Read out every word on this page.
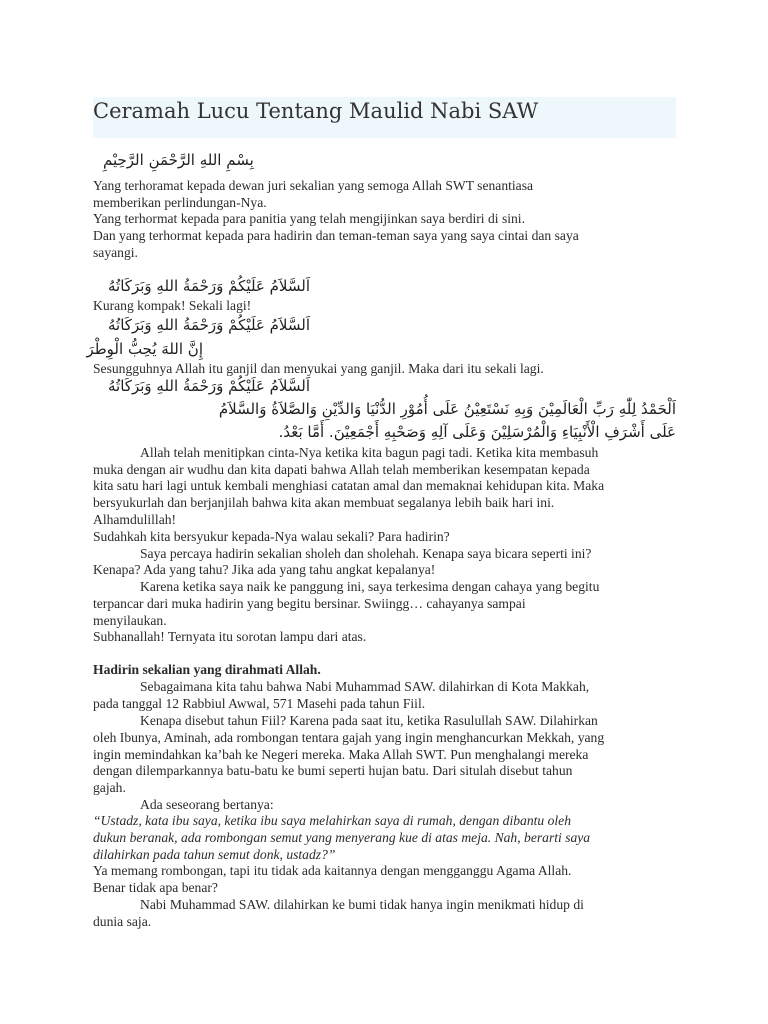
Ceramah Lucu Tentang Maulid Nabi SAW

بِسْمِ اللهِ الرَّحْمَنِ الرَّحِيْمِ

Yang terhoramat kepada dewan juri sekalian yang semoga Allah SWT senantiasa

memberikan perlindungan-Nya.

Yang terhormat kepada para panitia yang telah mengijinkan saya berdiri di sini.

Dan yang terhormat kepada para hadirin dan teman-teman saya yang saya cintai dan saya

sayangi.

اَلسَّلاَمُ عَلَيْكُمْ وَرَحْمَةُ اللهِ وَبَرَكَاتُهُ

Kurang kompak! Sekali lagi!

اَلسَّلاَمُ عَلَيْكُمْ وَرَحْمَةُ اللهِ وَبَرَكَاتُهُ

إِنَّ اللهَ يُحِبُّ الْوِطْرَ

Sesungguhnya Allah itu ganjil dan menyukai yang ganjil. Maka dari itu sekali lagi.

اَلسَّلاَمُ عَلَيْكُمْ وَرَحْمَةُ اللهِ وَبَرَكَاتُهُ

اَلْحَمْدُ لِلّٰهِ رَبِّ الْعَالَمِيْنَ وَبِهِ نَسْتَعِيْنُ عَلَى أُمُوْرِ الدُّنْيَا وَالدِّيْنِ وَالصَّلاَةُ وَالسَّلاَمُ

عَلَى أَشْرَفِ الْأَنْبِيَاءِ وَالْمُرْسَلِيْنَ وَعَلَى آلِهِ وَصَحْبِهِ أَجْمَعِيْنَ. أَمَّا بَعْدُ.

Allah telah menitipkan cinta-Nya ketika kita bagun pagi tadi. Ketika kita membasuh

muka dengan air wudhu dan kita dapati bahwa Allah telah memberikan kesempatan kepada

kita satu hari lagi untuk kembali menghiasi catatan amal dan memaknai kehidupan kita. Maka

bersyukurlah dan berjanjilah bahwa kita akan membuat segalanya lebih baik hari ini.

Alhamdulillah!

Sudahkah kita bersyukur kepada-Nya walau sekali? Para hadirin?

Saya percaya hadirin sekalian sholeh dan sholehah. Kenapa saya bicara seperti ini?

Kenapa? Ada yang tahu? Jika ada yang tahu angkat kepalanya!

Karena ketika saya naik ke panggung ini, saya terkesima dengan cahaya yang begitu

terpancar dari muka hadirin yang begitu bersinar. Swiingg… cahayanya sampai

menyilaukan.

Subhanallah! Ternyata itu sorotan lampu dari atas.

Hadirin sekalian yang dirahmati Allah.

Sebagaimana kita tahu bahwa Nabi Muhammad SAW. dilahirkan di Kota Makkah,

pada tanggal 12 Rabbiul Awwal, 571 Masehi pada tahun Fiil.

Kenapa disebut tahun Fiil? Karena pada saat itu, ketika Rasulullah SAW. Dilahirkan

oleh Ibunya, Aminah, ada rombongan tentara gajah yang ingin menghancurkan Mekkah, yang

ingin memindahkan ka’bah ke Negeri mereka. Maka Allah SWT. Pun menghalangi mereka

dengan dilemparkannya batu-batu ke bumi seperti hujan batu. Dari situlah disebut tahun

gajah.

Ada seseorang bertanya:

“Ustadz, kata ibu saya, ketika ibu saya melahirkan saya di rumah, dengan dibantu oleh

dukun beranak, ada rombongan semut yang menyerang kue di atas meja. Nah, berarti saya

dilahirkan pada tahun semut donk, ustadz?”

Ya memang rombongan, tapi itu tidak ada kaitannya dengan mengganggu Agama Allah.

Benar tidak apa benar?

Nabi Muhammad SAW. dilahirkan ke bumi tidak hanya ingin menikmati hidup di

dunia saja.
